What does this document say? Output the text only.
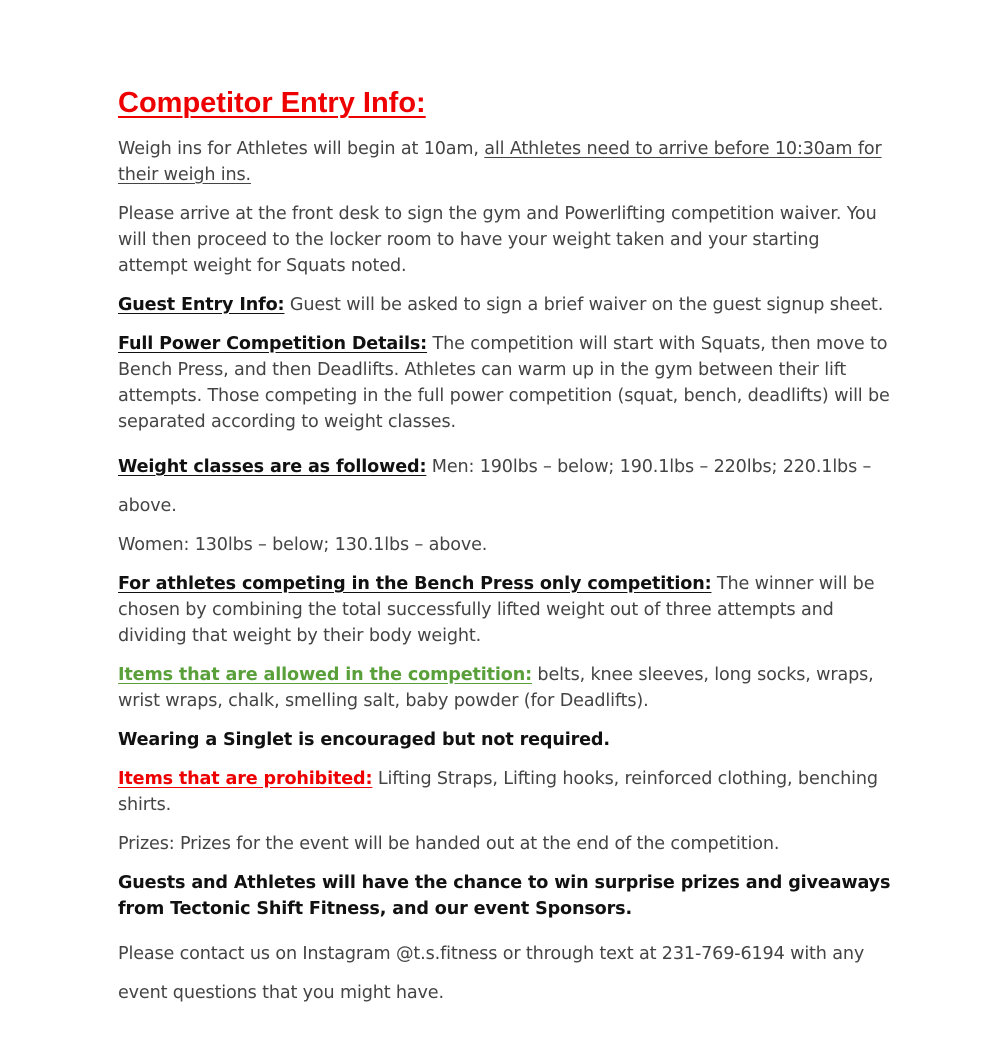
Competitor Entry Info:

Weigh ins for Athletes will begin at 10am, all Athletes need to arrive before 10:30am for their weigh ins.

Please arrive at the front desk to sign the gym and Powerlifting competition waiver. You will then proceed to the locker room to have your weight taken and your starting attempt weight for Squats noted.

Guest Entry Info: Guest will be asked to sign a brief waiver on the guest signup sheet.

Full Power Competition Details: The competition will start with Squats, then move to Bench Press, and then Deadlifts. Athletes can warm up in the gym between their lift attempts. Those competing in the full power competition (squat, bench, deadlifts) will be separated according to weight classes.

Weight classes are as followed: Men: 190lbs – below; 190.1lbs – 220lbs; 220.1lbs – above.

Women: 130lbs – below; 130.1lbs – above.

For athletes competing in the Bench Press only competition: The winner will be chosen by combining the total successfully lifted weight out of three attempts and dividing that weight by their body weight.

Items that are allowed in the competition: belts, knee sleeves, long socks, wraps, wrist wraps, chalk, smelling salt, baby powder (for Deadlifts).

Wearing a Singlet is encouraged but not required.

Items that are prohibited: Lifting Straps, Lifting hooks, reinforced clothing, benching shirts.

Prizes: Prizes for the event will be handed out at the end of the competition.

Guests and Athletes will have the chance to win surprise prizes and giveaways from Tectonic Shift Fitness, and our event Sponsors.

Please contact us on Instagram @t.s.fitness or through text at 231-769-6194 with any event questions that you might have.
